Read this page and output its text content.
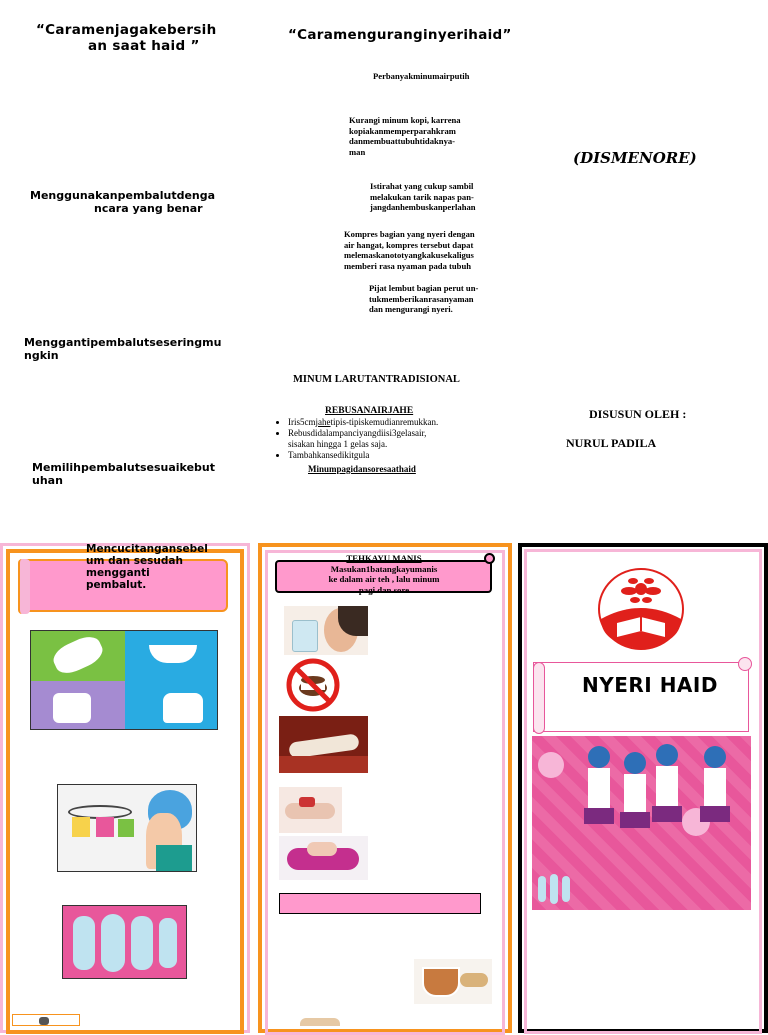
“Caramenjagakebersih
an saat haid ”
Menggunakanpembalutdenga
ncara yang benar
Menggantipembalutseseringmu
ngkin
Memilihpembalutsesuaikebut
uhan
“Caramenguranginyerihaid”
Perbanyakminumairputih
Kurangi minum kopi, karrena
kopiakanmemperparahkram
danmembuattubuhtidaknya-
man
Istirahat yang cukup sambil
melakukan tarik napas pan-
jangdanhembuskanperlahan
Kompres bagian yang nyeri dengan
air hangat, kompres tersebut dapat
melemaskanototyangkakusekaligus
memberi rasa nyaman pada tubuh
Pijat lembut bagian perut un-
tukmemberikanrasanyaman
dan mengurangi nyeri.
MINUM LARUTANTRADISIONAL
REBUSANAIRJAHE
• Iris5cmjahetipis-tipiskemudianremukkan.
• Rebusdidalampanciyangdiisi3gelasair,
sisakan hingga 1 gelas saja.
• Tambahkansedikitgula
Minumpagidansoresaathaid
(DISMENORE)
DISUSUN OLEH :
NURUL PADILA
Mencucitangansebel
um dan sesudah
mengganti
pembalut.
TEHKAYU MANIS
Masukan1batangkayumanis
ke dalam air teh , lalu minum
pagi dan sore
NYERI HAID
